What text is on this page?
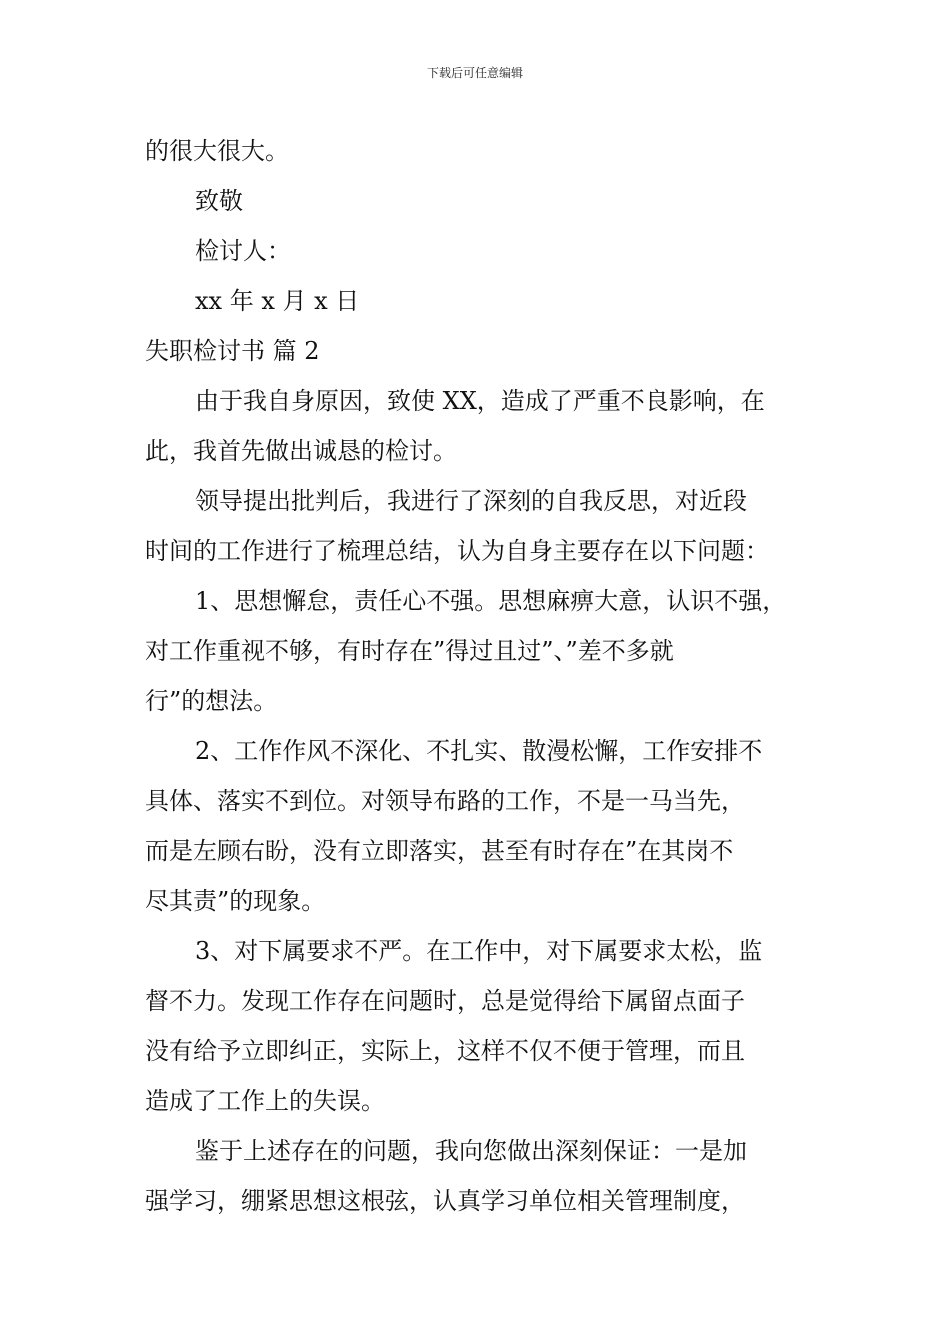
下载后可任意编辑
的很大很大。
致敬
检讨人：
xx 年 x 月 x 日
失职检讨书 篇 2
由于我自身原因，致使 XX，造成了严重不良影响，在
此，我首先做出诚恳的检讨。
领导提出批判后，我进行了深刻的自我反思，对近段
时间的工作进行了梳理总结，认为自身主要存在以下问题：
1、思想懈怠，责任心不强。思想麻痹大意，认识不强，
对工作重视不够，有时存在”得过且过”、”差不多就
行”的想法。
2、工作作风不深化、不扎实、散漫松懈，工作安排不
具体、落实不到位。对领导布路的工作，不是一马当先，
而是左顾右盼，没有立即落实，甚至有时存在”在其岗不
尽其责”的现象。
3、对下属要求不严。在工作中，对下属要求太松，监
督不力。发现工作存在问题时，总是觉得给下属留点面子
没有给予立即纠正，实际上，这样不仅不便于管理，而且
造成了工作上的失误。
鉴于上述存在的问题，我向您做出深刻保证：一是加
强学习，绷紧思想这根弦，认真学习单位相关管理制度，
